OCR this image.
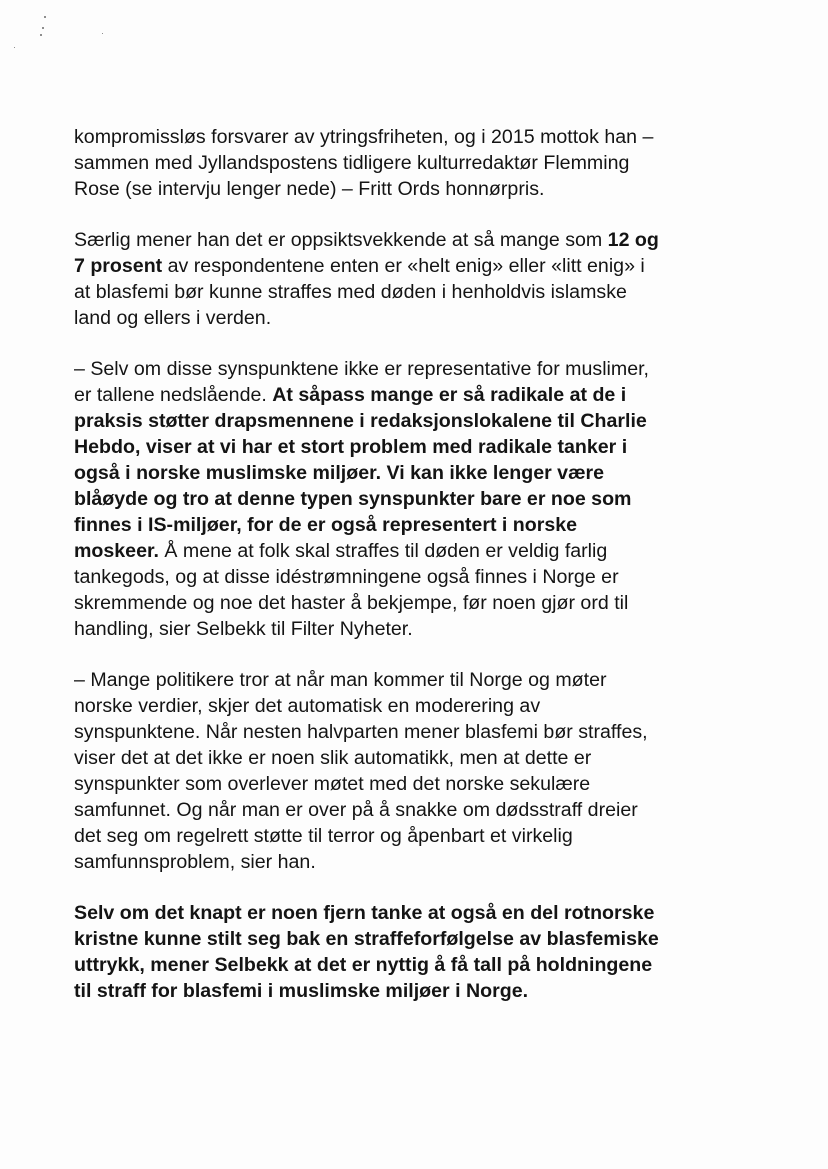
kompromissløs forsvarer av ytringsfriheten, og i 2015 mottok han –
sammen med Jyllandspostens tidligere kulturredaktør Flemming
Rose (se intervju lenger nede) – Fritt Ords honnørpris.

Særlig mener han det er oppsiktsvekkende at så mange som 12 og
7 prosent av respondentene enten er «helt enig» eller «litt enig» i
at blasfemi bør kunne straffes med døden i henholdvis islamske
land og ellers i verden.

– Selv om disse synspunktene ikke er representative for muslimer,
er tallene nedslående. At såpass mange er så radikale at de i
praksis støtter drapsmennene i redaksjonslokalene til Charlie
Hebdo, viser at vi har et stort problem med radikale tanker i
også i norske muslimske miljøer. Vi kan ikke lenger være
blåøyde og tro at denne typen synspunkter bare er noe som
finnes i IS-miljøer, for de er også representert i norske
moskeer. Å mene at folk skal straffes til døden er veldig farlig
tankegods, og at disse idéstrømningene også finnes i Norge er
skremmende og noe det haster å bekjempe, før noen gjør ord til
handling, sier Selbekk til Filter Nyheter.

– Mange politikere tror at når man kommer til Norge og møter
norske verdier, skjer det automatisk en moderering av
synspunktene. Når nesten halvparten mener blasfemi bør straffes,
viser det at det ikke er noen slik automatikk, men at dette er
synspunkter som overlever møtet med det norske sekulære
samfunnet. Og når man er over på å snakke om dødsstraff dreier
det seg om regelrett støtte til terror og åpenbart et virkelig
samfunnsproblem, sier han.

Selv om det knapt er noen fjern tanke at også en del rotnorske
kristne kunne stilt seg bak en straffeforfølgelse av blasfemiske
uttrykk, mener Selbekk at det er nyttig å få tall på holdningene
til straff for blasfemi i muslimske miljøer i Norge.
